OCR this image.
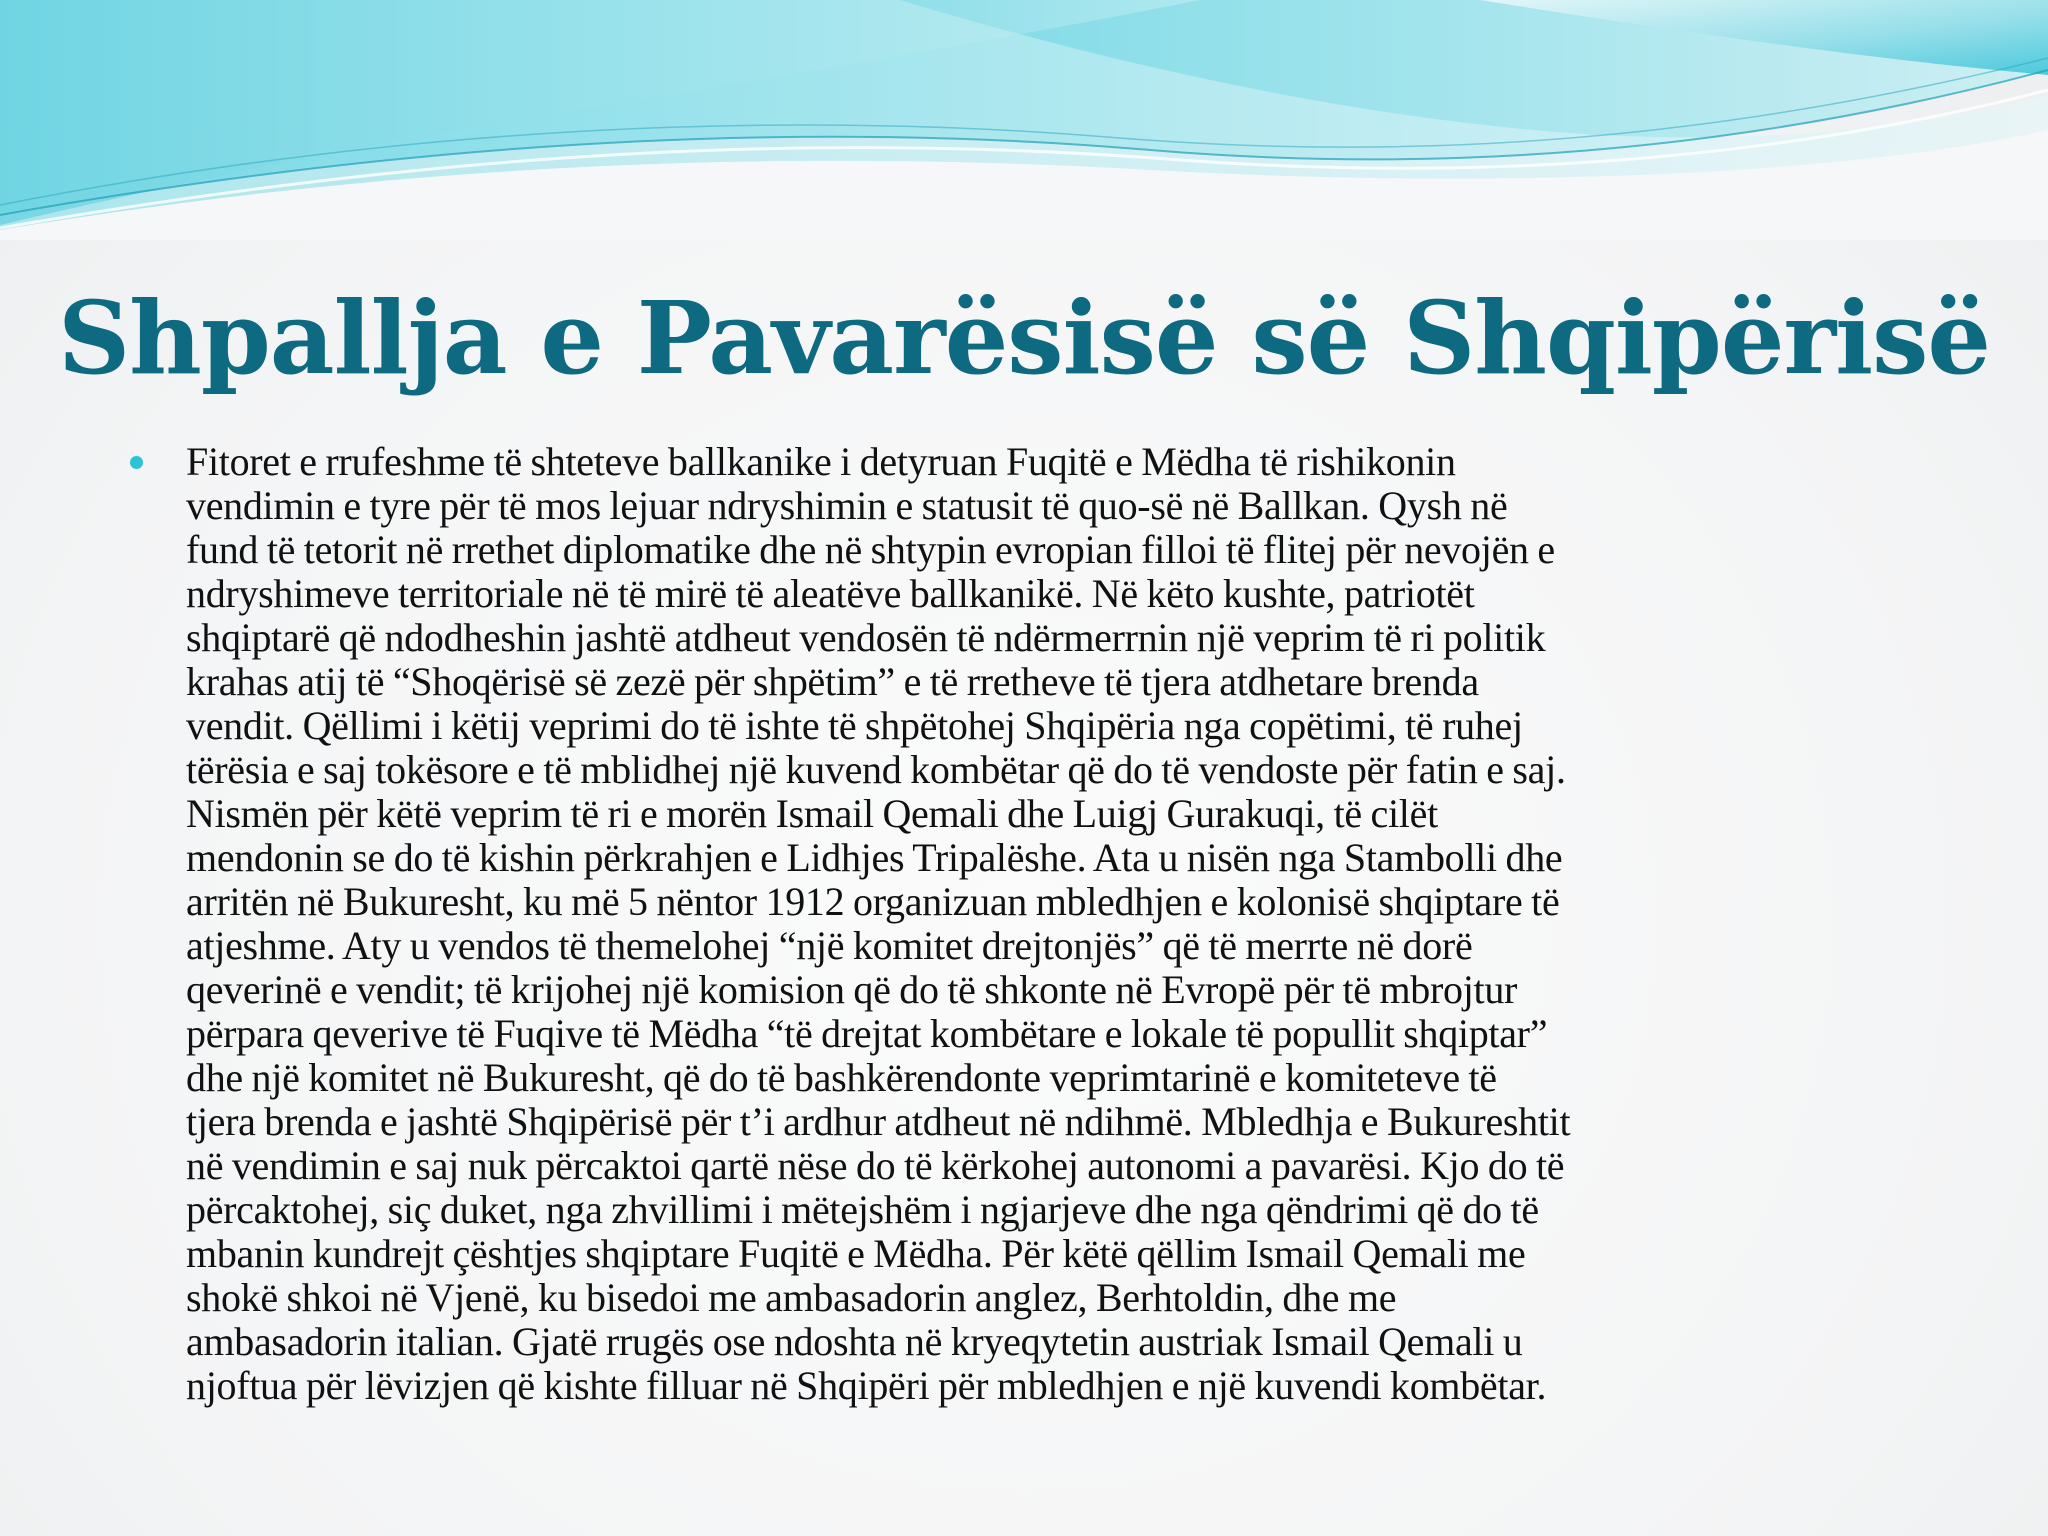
Shpallja e Pavarësisë së Shqipërisë

Fitoret e rrufeshme të shteteve ballkanike i detyruan Fuqitë e Mëdha të rishikonin
vendimin e tyre për të mos lejuar ndryshimin e statusit të quo-së në Ballkan. Qysh në
fund të tetorit në rrethet diplomatike dhe në shtypin evropian filloi të flitej për nevojën e
ndryshimeve territoriale në të mirë të aleatëve ballkanikë. Në këto kushte, patriotët
shqiptarë që ndodheshin jashtë atdheut vendosën të ndërmerrnin një veprim të ri politik
krahas atij të “Shoqërisë së zezë për shpëtim” e të rretheve të tjera atdhetare brenda
vendit. Qëllimi i këtij veprimi do të ishte të shpëtohej Shqipëria nga copëtimi, të ruhej
tërësia e saj tokësore e të mblidhej një kuvend kombëtar që do të vendoste për fatin e saj.
Nismën për këtë veprim të ri e morën Ismail Qemali dhe Luigj Gurakuqi, të cilët
mendonin se do të kishin përkrahjen e Lidhjes Tripalëshe. Ata u nisën nga Stambolli dhe
arritën në Bukuresht, ku më 5 nëntor 1912 organizuan mbledhjen e kolonisë shqiptare të
atjeshme. Aty u vendos të themelohej “një komitet drejtonjës” që të merrte në dorë
qeverinë e vendit; të krijohej një komision që do të shkonte në Evropë për të mbrojtur
përpara qeverive të Fuqive të Mëdha “të drejtat kombëtare e lokale të popullit shqiptar”
dhe një komitet në Bukuresht, që do të bashkërendonte veprimtarinë e komiteteve të
tjera brenda e jashtë Shqipërisë për t’i ardhur atdheut në ndihmë. Mbledhja e Bukureshtit
në vendimin e saj nuk përcaktoi qartë nëse do të kërkohej autonomi a pavarësi. Kjo do të
përcaktohej, siç duket, nga zhvillimi i mëtejshëm i ngjarjeve dhe nga qëndrimi që do të
mbanin kundrejt çështjes shqiptare Fuqitë e Mëdha. Për këtë qëllim Ismail Qemali me
shokë shkoi në Vjenë, ku bisedoi me ambasadorin anglez, Berhtoldin, dhe me
ambasadorin italian. Gjatë rrugës ose ndoshta në kryeqytetin austriak Ismail Qemali u
njoftua për lëvizjen që kishte filluar në Shqipëri për mbledhjen e një kuvendi kombëtar.
